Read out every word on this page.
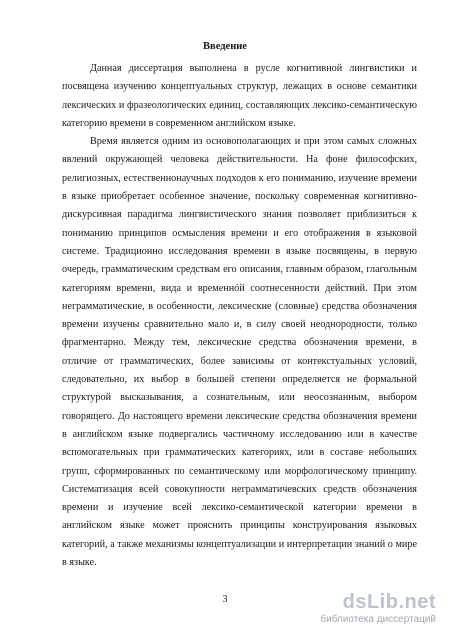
Введение

Данная диссертация выполнена в русле когнитивной лингвистики и посвящена изучению концептуальных структур, лежащих в основе семантики лексических и фразеологических единиц, составляющих лексико-семантическую категорию времени в современном английском языке.

Время является одним из основополагающих и при этом самых сложных явлений окружающей человека действительности. На фоне философских, религиозных, естественнонаучных подходов к его пониманию, изучение времени в языке приобретает особенное значение, поскольку современная когнитивно-дискурсивная парадигма лингвистического знания позволяет приблизиться к пониманию принципов осмысления времени и его отображения в языковой системе. Традиционно исследования времени в языке посвящены, в первую очередь, грамматическим средствам его описания, главным образом, глагольным категориям времени, вида и временнóй соотнесенности действий. При этом неграмматические, в особенности, лексические (словные) средства обозначения времени изучены сравнительно мало и, в силу своей неоднородности, только фрагментарно. Между тем, лексические средства обозначения времени, в отличие от грамматических, более зависимы от контекстуальных условий, следовательно, их выбор в большей степени определяется не формальной структурой высказывания, а сознательным, или неосознанным, выбором говорящего. До настоящего времени лексические средства обозначения времени в английском языке подвергались частичному исследованию или в качестве вспомогательных при грамматических категориях, или в составе небольших групп, сформированных по семантическому или морфологическому принципу. Систематизация всей совокупности неграмматичевских средств обозначения времени и изучение всей лексико-семантической категории времени в английском языке может прояснить принципы конструирования языковых категорий, а также механизмы концептуализации и интерпретации знаний о мире в языке.

3	dsLib.net
библиотека диссертаций
